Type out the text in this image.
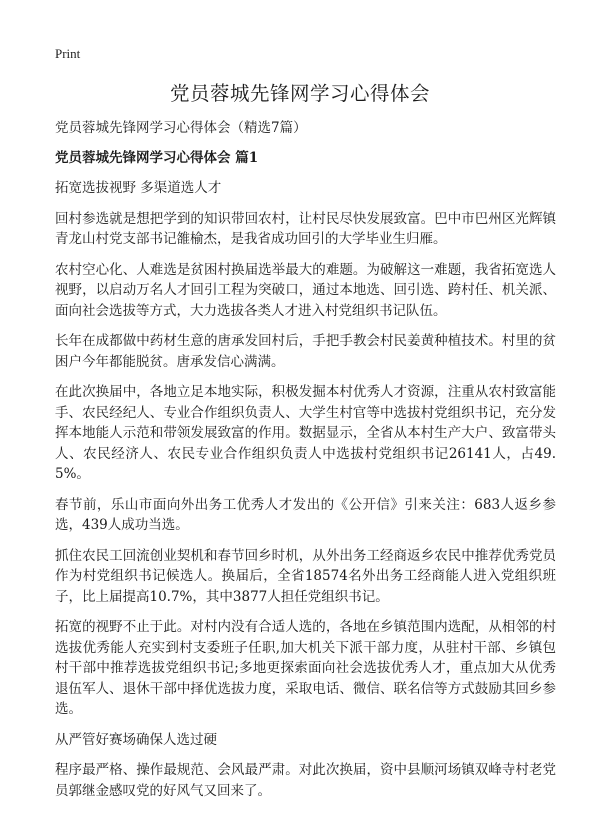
Print
党员蓉城先锋网学习心得体会

党员蓉城先锋网学习心得体会（精选7篇）

党员蓉城先锋网学习心得体会 篇1

拓宽选拔视野 多渠道选人才

回村参选就是想把学到的知识带回农村，让村民尽快发展致富。巴中市巴州区光辉镇青龙山村党支部书记雒榆杰，是我省成功回引的大学毕业生归雁。

农村空心化、人难选是贫困村换届选举最大的难题。为破解这一难题，我省拓宽选人视野，以启动万名人才回引工程为突破口，通过本地选、回引选、跨村任、机关派、面向社会选拔等方式，大力选拔各类人才进入村党组织书记队伍。

长年在成都做中药材生意的唐承发回村后，手把手教会村民姜黄种植技术。村里的贫困户今年都能脱贫。唐承发信心满满。

在此次换届中，各地立足本地实际，积极发掘本村优秀人才资源，注重从农村致富能手、农民经纪人、专业合作组织负责人、大学生村官等中选拔村党组织书记，充分发挥本地能人示范和带领发展致富的作用。数据显示，全省从本村生产大户、致富带头人、农民经济人、农民专业合作组织负责人中选拔村党组织书记26141人，占49.5%。

春节前，乐山市面向外出务工优秀人才发出的《公开信》引来关注：683人返乡参选，439人成功当选。

抓住农民工回流创业契机和春节回乡时机，从外出务工经商返乡农民中推荐优秀党员作为村党组织书记候选人。换届后，全省18574名外出务工经商能人进入党组织班子，比上届提高10.7%，其中3877人担任党组织书记。

拓宽的视野不止于此。对村内没有合适人选的，各地在乡镇范围内选配，从相邻的村选拔优秀能人充实到村支委班子任职,加大机关下派干部力度，从驻村干部、乡镇包村干部中推荐选拔党组织书记;多地更探索面向社会选拔优秀人才，重点加大从优秀退伍军人、退休干部中择优选拔力度，采取电话、微信、联名信等方式鼓励其回乡参选。

从严管好赛场确保人选过硬

程序最严格、操作最规范、会风最严肃。对此次换届，资中县顺河场镇双峰寺村老党员郭继金感叹党的好风气又回来了。
